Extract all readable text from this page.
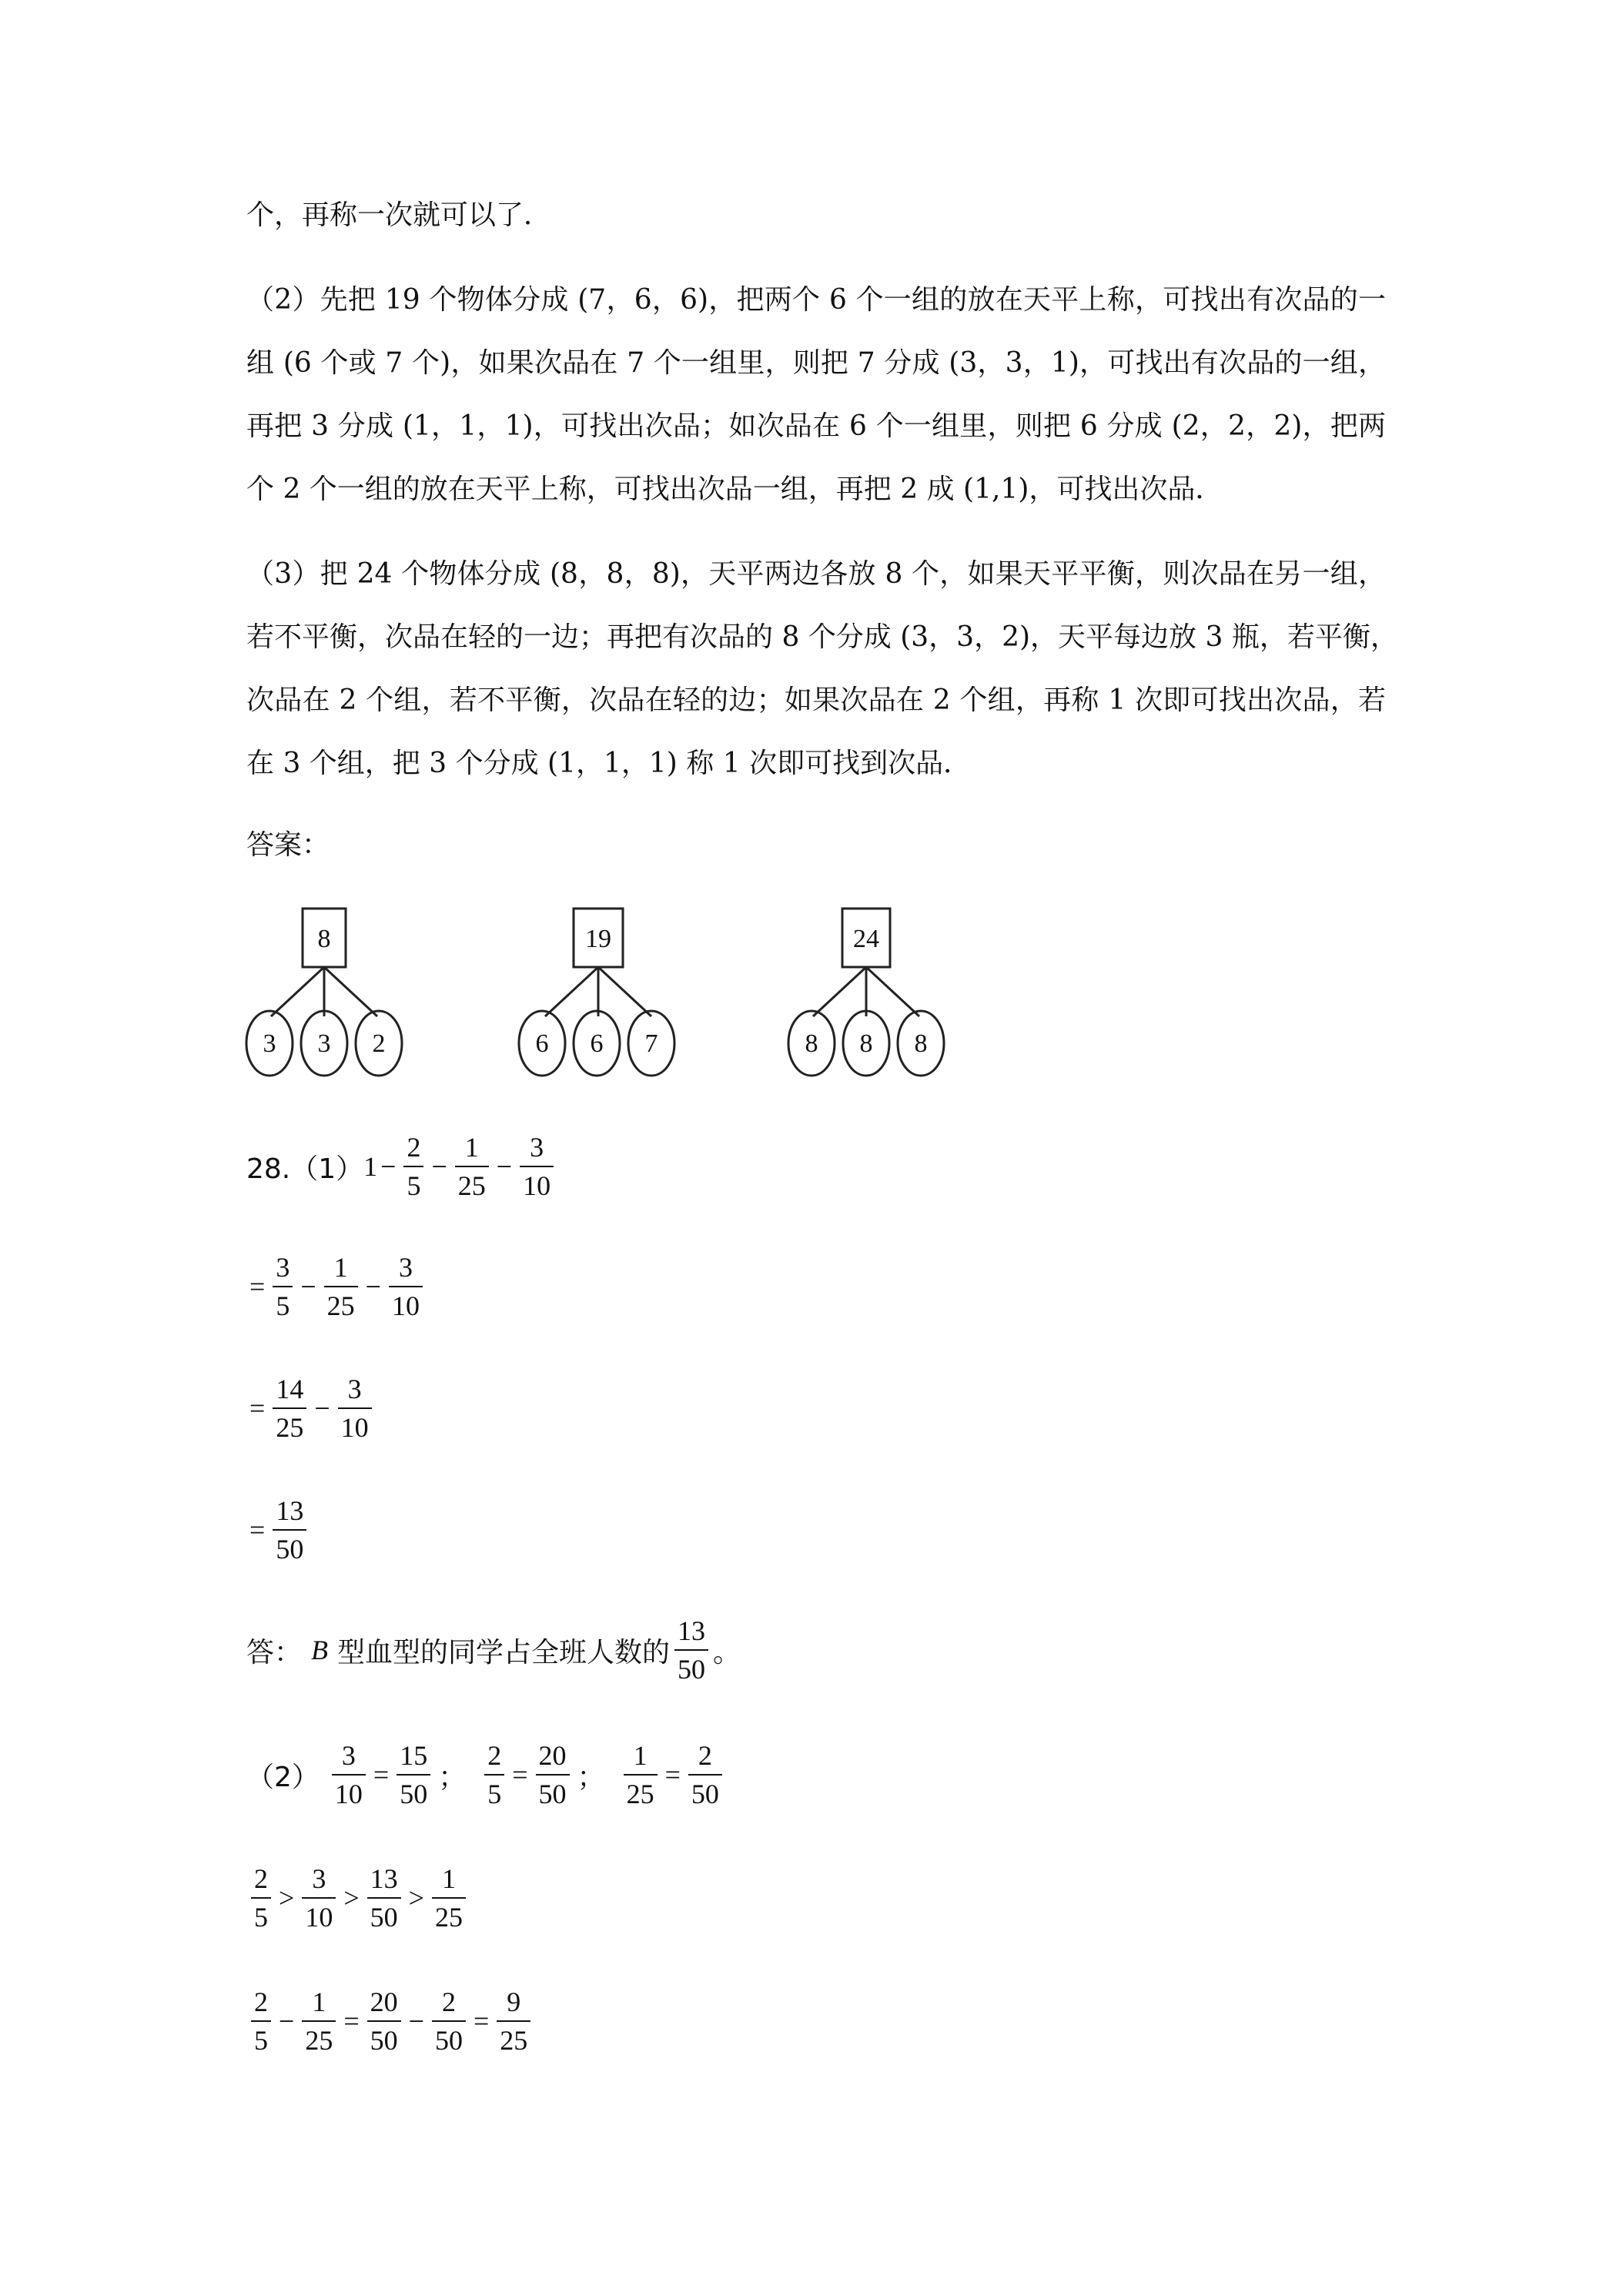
个，再称一次就可以了．
（2）先把 19 个物体分成 (7，6，6)，把两个 6 个一组的放在天平上称，可找出有次品的一
组 (6 个或 7 个)，如果次品在 7 个一组里，则把 7 分成 (3，3，1)，可找出有次品的一组，
再把 3 分成 (1，1，1)，可找出次品；如次品在 6 个一组里，则把 6 分成 (2，2，2)，把两
个 2 个一组的放在天平上称，可找出次品一组，再把 2 成 (1,1)，可找出次品．
（3）把 24 个物体分成 (8，8，8)，天平两边各放 8 个，如果天平平衡，则次品在另一组，
若不平衡，次品在轻的一边；再把有次品的 8 个分成 (3，3，2)，天平每边放 3 瓶，若平衡，
次品在 2 个组，若不平衡，次品在轻的边；如果次品在 2 个组，再称 1 次即可找出次品，若
在 3 个组，把 3 个分成 (1，1，1) 称 1 次即可找到次品．
答案：
8
3 3 2
19
6 6 7
24
8 8 8
28.（1） $1 - \frac{2}{5} - \frac{1}{25} - \frac{3}{10}$
= $\frac{3}{5} - \frac{1}{25} - \frac{3}{10}$
= $\frac{14}{25} - \frac{3}{10}$
= $\frac{13}{50}$
答： B 型血型的同学占全班人数的 $\frac{13}{50}$ 。
$(2) \frac{3}{10} = \frac{15}{50}$ ； $\frac{2}{5} = \frac{20}{50}$ ； $\frac{1}{25} = \frac{2}{50}$
$\frac{2}{5} > \frac{3}{10} > \frac{13}{50} > \frac{1}{25}$
$\frac{2}{5} - \frac{1}{25} = \frac{20}{50} - \frac{2}{50} = \frac{9}{25}$
